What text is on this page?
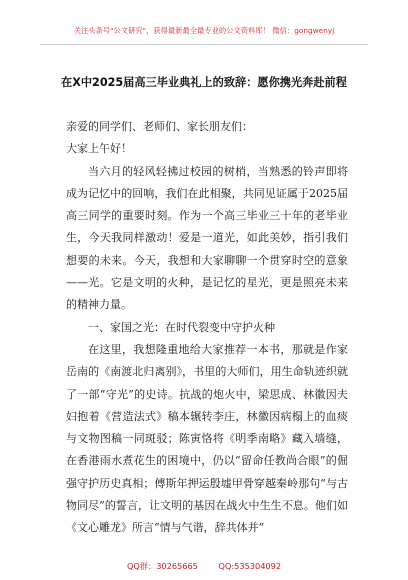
关注头条号"公文研究"，获得最新最全最专业的公文资料库！ 微信：gongwenyj
在X中2025届高三毕业典礼上的致辞：愿你携光奔赴前程

亲爱的同学们、老师们、家长朋友们：

大家上午好！

当六月的轻风轻拂过校园的树梢，当熟悉的铃声即将成为记忆中的回响，我们在此相聚，共同见证属于2025届高三同学的重要时刻。作为一个高三毕业三十年的老毕业生，今天我同样激动！爱是一道光，如此美妙，指引我们想要的未来。今天，我想和大家聊聊一个贯穿时空的意象——光。它是文明的火种，是记忆的星光，更是照亮未来的精神力量。

一、家国之光：在时代裂变中守护火种

在这里，我想隆重地给大家推荐一本书，那就是作家岳南的《南渡北归离别》，书里的大师们，用生命轨迹织就了一部“守光”的史诗。抗战的炮火中，梁思成、林徽因夫妇抱着《营造法式》稿本辗转李庄，林徽因病榻上的血痰与文物图稿一同斑驳；陈寅恪将《明季南略》藏入墙缝，在香港雨水煮花生的困境中，仍以“留命任教尚合眼”的倔强守护历史真相；傅斯年押运殷墟甲骨穿越秦岭那句“与古物同尽”的誓言，让文明的基因在战火中生生不息。他们如《文心雕龙》所言“情与气谐，辞共体并”

QQ群：30265665	QQ:535304092
